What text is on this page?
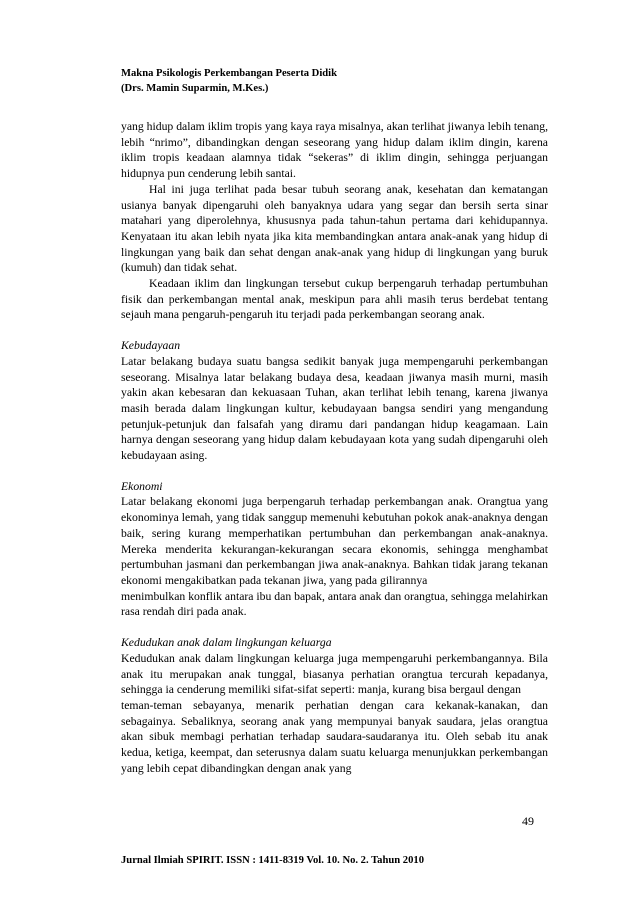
Makna Psikologis Perkembangan Peserta Didik
(Drs. Mamin Suparmin, M.Kes.)

yang hidup dalam iklim tropis yang kaya raya misalnya, akan terlihat jiwanya lebih tenang, lebih “nrimo”, dibandingkan dengan seseorang yang hidup dalam iklim dingin, karena iklim tropis keadaan alamnya tidak “sekeras” di iklim dingin, sehingga perjuangan hidupnya pun cenderung lebih santai.

Hal ini juga terlihat pada besar tubuh seorang anak, kesehatan dan kematangan usianya banyak dipengaruhi oleh banyaknya udara yang segar dan bersih serta sinar matahari yang diperolehnya, khususnya pada tahun-tahun pertama dari kehidupannya. Kenyataan itu akan lebih nyata jika kita membandingkan antara anak-anak yang hidup di lingkungan yang baik dan sehat dengan anak-anak yang hidup di lingkungan yang buruk (kumuh) dan tidak sehat.

Keadaan iklim dan lingkungan tersebut cukup berpengaruh terhadap pertumbuhan fisik dan perkembangan mental anak, meskipun para ahli masih terus berdebat tentang sejauh mana pengaruh-pengaruh itu terjadi pada perkembangan seorang anak.

Kebudayaan

Latar belakang budaya suatu bangsa sedikit banyak juga mempengaruhi perkembangan seseorang. Misalnya latar belakang budaya desa, keadaan jiwanya masih murni, masih yakin akan kebesaran dan kekuasaan Tuhan, akan terlihat lebih tenang, karena jiwanya masih berada dalam lingkungan kultur, kebudayaan bangsa sendiri yang mengandung petunjuk-petunjuk dan falsafah yang diramu dari pandangan hidup keagamaan. Lain harnya dengan seseorang yang hidup dalam kebudayaan kota yang sudah dipengaruhi oleh kebudayaan asing.

Ekonomi

Latar belakang ekonomi juga berpengaruh terhadap perkembangan anak. Orangtua yang ekonominya lemah, yang tidak sanggup memenuhi kebutuhan pokok anak-anaknya dengan baik, sering kurang memperhatikan pertumbuhan dan perkembangan anak-anaknya. Mereka menderita kekurangan-kekurangan secara ekonomis, sehingga menghambat pertumbuhan jasmani dan perkembangan jiwa anak-anaknya. Bahkan tidak jarang tekanan ekonomi mengakibatkan pada tekanan jiwa, yang pada gilirannya

menimbulkan konflik antara ibu dan bapak, antara anak dan orangtua, sehingga melahirkan rasa rendah diri pada anak.

Kedudukan anak dalam lingkungan keluarga

Kedudukan anak dalam lingkungan keluarga juga mempengaruhi perkembangannya. Bila anak itu merupakan anak tunggal, biasanya perhatian orangtua tercurah kepadanya, sehingga ia cenderung memiliki sifat-sifat seperti: manja, kurang bisa bergaul dengan

teman-teman sebayanya, menarik perhatian dengan cara kekanak-kanakan, dan sebagainya. Sebaliknya, seorang anak yang mempunyai banyak saudara, jelas orangtua akan sibuk membagi perhatian terhadap saudara-saudaranya itu. Oleh sebab itu anak kedua, ketiga, keempat, dan seterusnya dalam suatu keluarga menunjukkan perkembangan yang lebih cepat dibandingkan dengan anak yang

49
Jurnal Ilmiah SPIRIT. ISSN : 1411-8319 Vol. 10. No. 2. Tahun 2010
